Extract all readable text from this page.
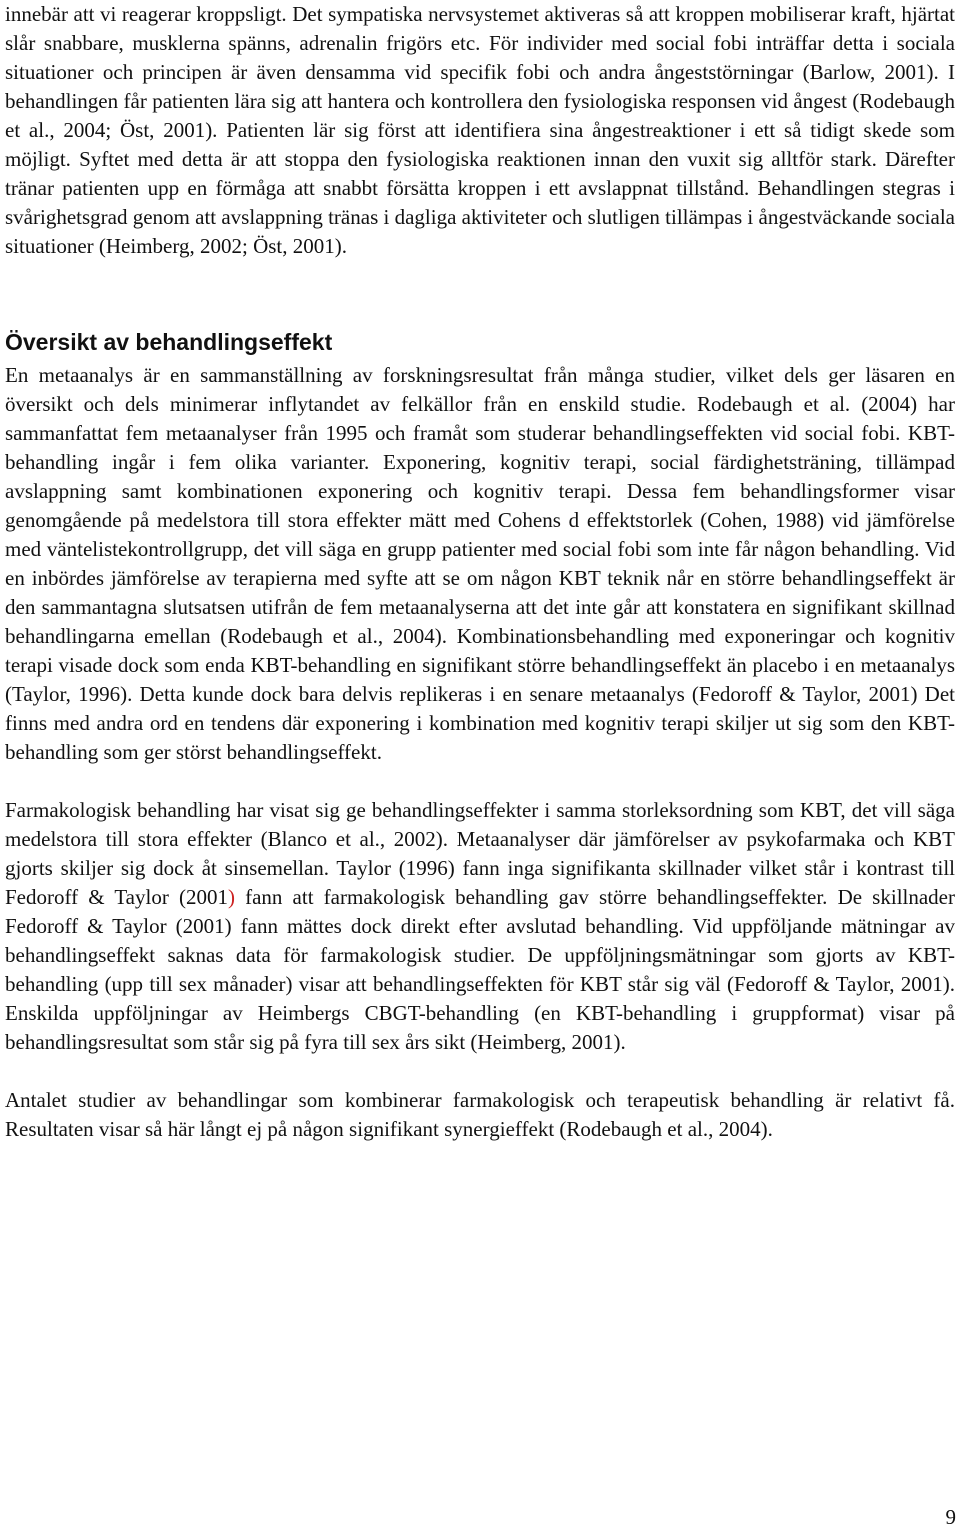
innebär att vi reagerar kroppsligt. Det sympatiska nervsystemet aktiveras så att kroppen mobiliserar kraft, hjärtat slår snabbare, musklerna spänns, adrenalin frigörs etc. För individer med social fobi inträffar detta i sociala situationer och principen är även densamma vid specifik fobi och andra ångeststörningar (Barlow, 2001). I behandlingen får patienten lära sig att hantera och kontrollera den fysiologiska responsen vid ångest (Rodebaugh et al., 2004; Öst, 2001). Patienten lär sig först att identifiera sina ångestreaktioner i ett så tidigt skede som möjligt. Syftet med detta är att stoppa den fysiologiska reaktionen innan den vuxit sig alltför stark. Därefter tränar patienten upp en förmåga att snabbt försätta kroppen i ett avslappnat tillstånd. Behandlingen stegras i svårighetsgrad genom att avslappning tränas i dagliga aktiviteter och slutligen tillämpas i ångestväckande sociala situationer (Heimberg, 2002; Öst, 2001).

Översikt av behandlingseffekt

En metaanalys är en sammanställning av forskningsresultat från många studier, vilket dels ger läsaren en översikt och dels minimerar inflytandet av felkällor från en enskild studie. Rodebaugh et al. (2004) har sammanfattat fem metaanalyser från 1995 och framåt som studerar behandlingseffekten vid social fobi. KBT-behandling ingår i fem olika varianter. Exponering, kognitiv terapi, social färdighetsträning, tillämpad avslappning samt kombinationen exponering och kognitiv terapi. Dessa fem behandlingsformer visar genomgående på medelstora till stora effekter mätt med Cohens d effektstorlek (Cohen, 1988) vid jämförelse med väntelistekontrollgrupp, det vill säga en grupp patienter med social fobi som inte får någon behandling. Vid en inbördes jämförelse av terapierna med syfte att se om någon KBT teknik når en större behandlingseffekt är den sammantagna slutsatsen utifrån de fem metaanalyserna att det inte går att konstatera en signifikant skillnad behandlingarna emellan (Rodebaugh et al., 2004). Kombinationsbehandling med exponeringar och kognitiv terapi visade dock som enda KBT-behandling en signifikant större behandlingseffekt än placebo i en metaanalys (Taylor, 1996). Detta kunde dock bara delvis replikeras i en senare metaanalys (Fedoroff & Taylor, 2001) Det finns med andra ord en tendens där exponering i kombination med kognitiv terapi skiljer ut sig som den KBT-behandling som ger störst behandlingseffekt.

Farmakologisk behandling har visat sig ge behandlingseffekter i samma storleksordning som KBT, det vill säga medelstora till stora effekter (Blanco et al., 2002). Metaanalyser där jämförelser av psykofarmaka och KBT gjorts skiljer sig dock åt sinsemellan. Taylor (1996) fann inga signifikanta skillnader vilket står i kontrast till Fedoroff & Taylor (2001) fann att farmakologisk behandling gav större behandlingseffekter. De skillnader Fedoroff & Taylor (2001) fann mättes dock direkt efter avslutad behandling. Vid uppföljande mätningar av behandlingseffekt saknas data för farmakologisk studier. De uppföljningsmätningar som gjorts av KBT-behandling (upp till sex månader) visar att behandlingseffekten för KBT står sig väl (Fedoroff & Taylor, 2001). Enskilda uppföljningar av Heimbergs CBGT-behandling (en KBT-behandling i gruppformat) visar på behandlingsresultat som står sig på fyra till sex års sikt (Heimberg, 2001).

Antalet studier av behandlingar som kombinerar farmakologisk och terapeutisk behandling är relativt få. Resultaten visar så här långt ej på någon signifikant synergieffekt (Rodebaugh et al., 2004).

9
